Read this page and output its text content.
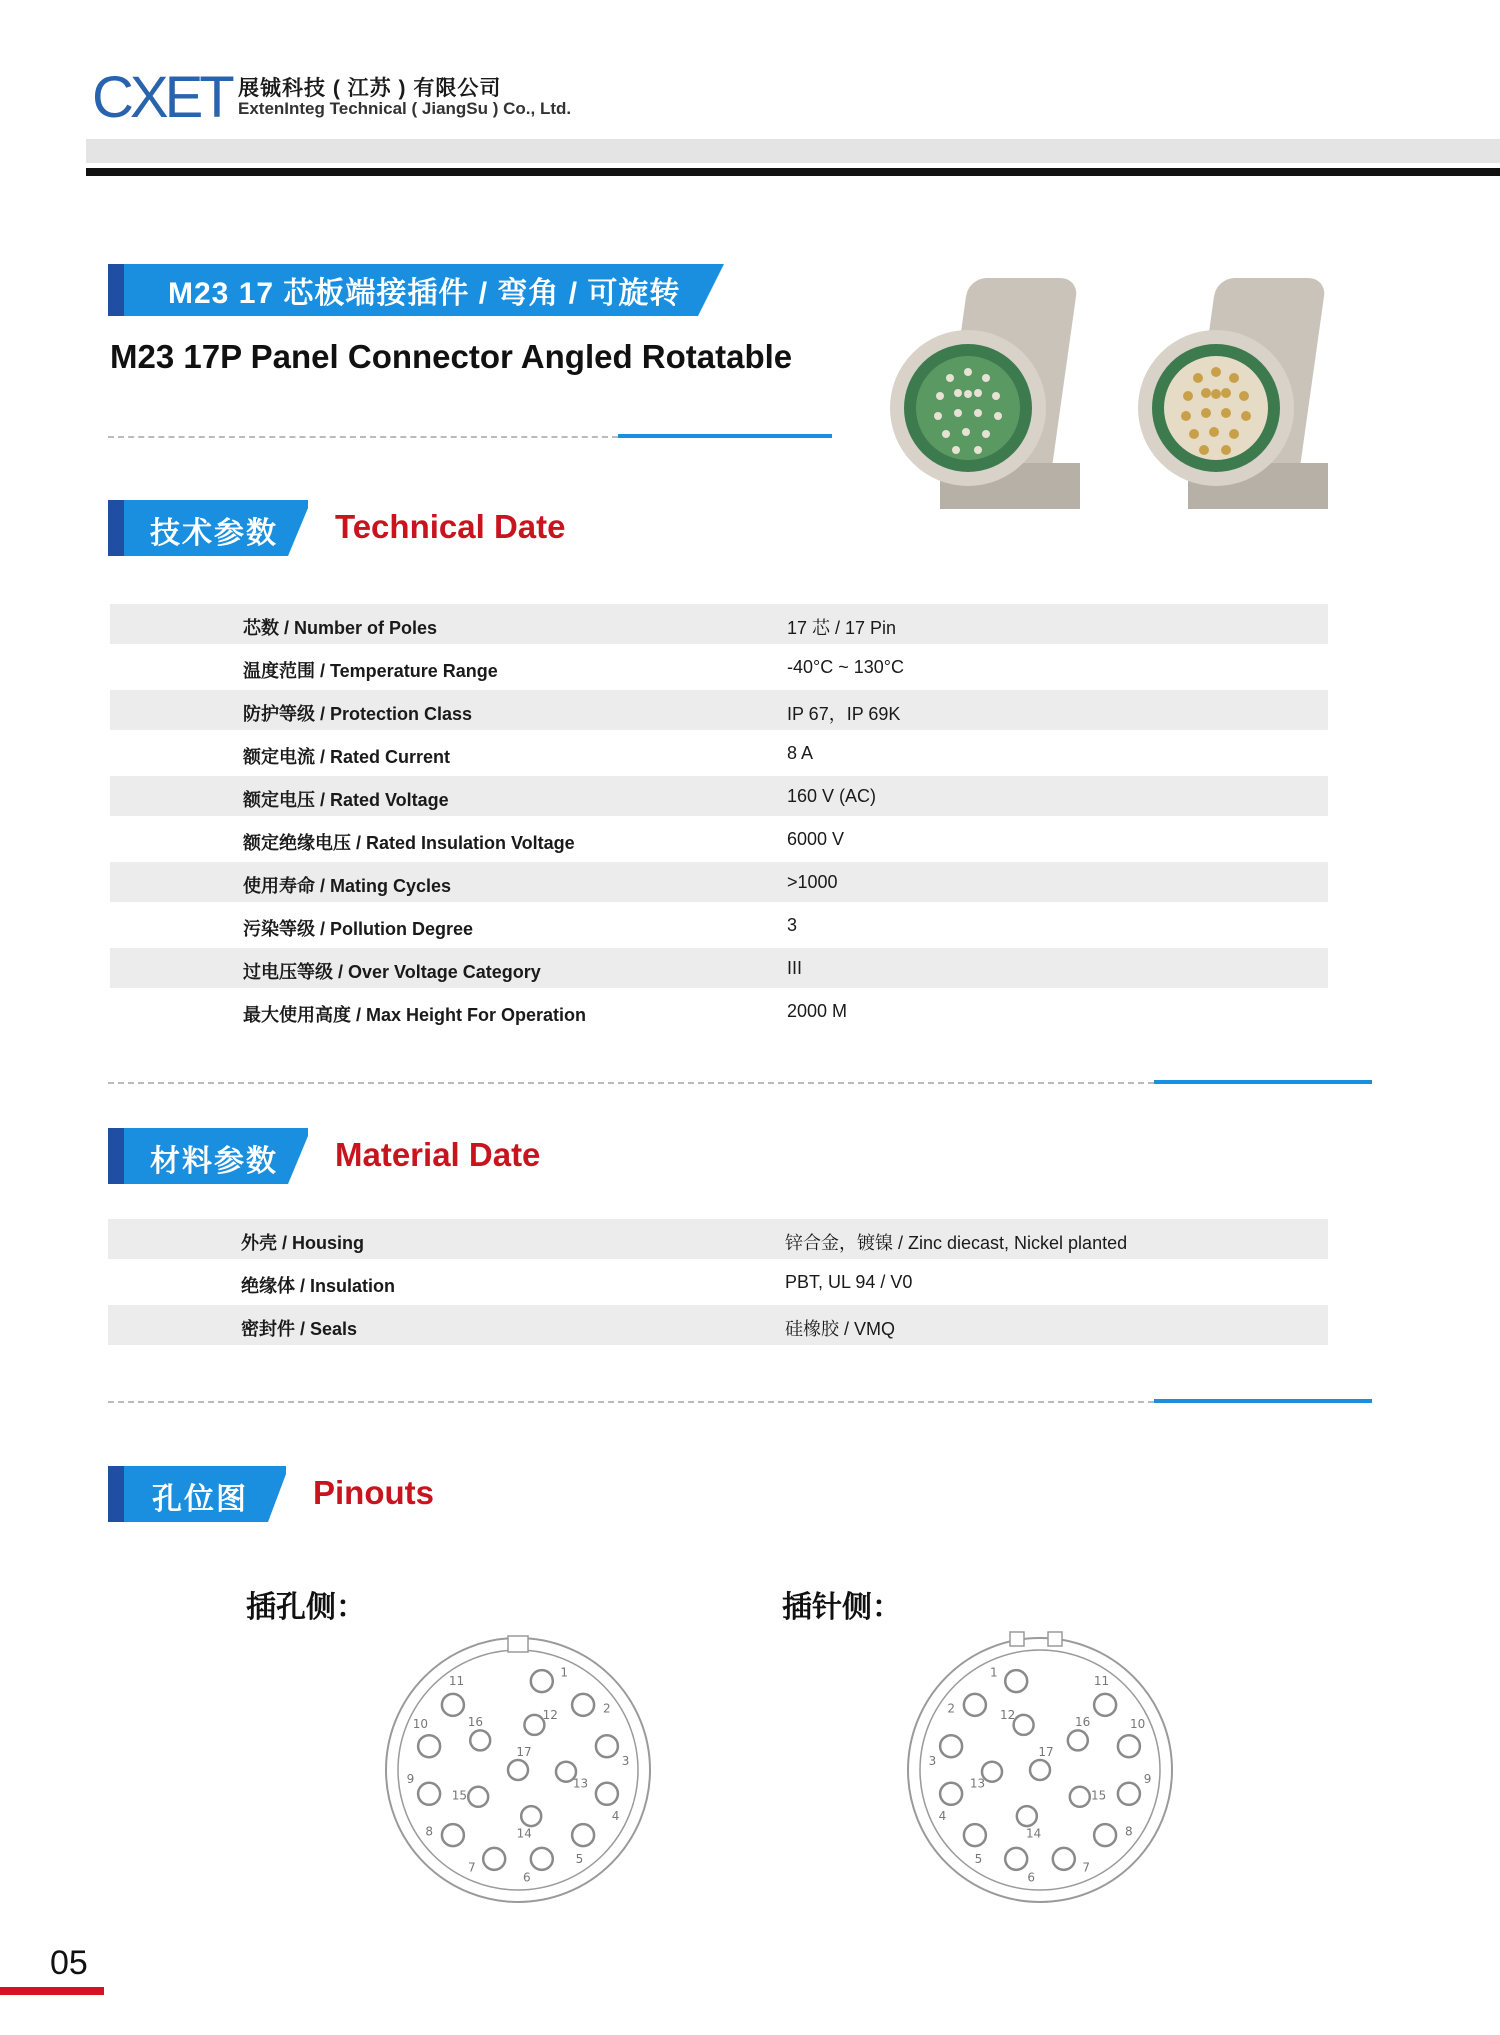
CXET 展铖科技 ( 江苏 ) 有限公司
ExtenInteg Technical ( JiangSu ) Co., Ltd.
M23 17 芯板端接插件 / 弯角 / 可旋转
M23 17P Panel Connector Angled Rotatable
技术参数 Technical Date
芯数 / Number of Poles	17 芯 / 17 Pin
温度范围 / Temperature Range	-40°C ~ 130°C
防护等级 / Protection Class	IP 67，IP 69K
额定电流 / Rated Current	8 A
额定电压 / Rated Voltage	160 V (AC)
额定绝缘电压 / Rated Insulation Voltage	6000 V
使用寿命 / Mating Cycles	>1000
污染等级 / Pollution Degree	3
过电压等级 / Over Voltage Category	III
最大使用高度 / Max Height For Operation	2000 M
材料参数 Material Date
外壳 / Housing	锌合金，镀镍 / Zinc diecast, Nickel planted
绝缘体 / Insulation	PBT, UL 94 / V0
密封件 / Seals	硅橡胶 / VMQ
孔位图 Pinouts
插孔侧：	插针侧：
1
2
3
4
5
6
7
8
9
10
11
12
13
14
15
16
17
1
2
3
4
5
6
7
8
9
10
11
12
13
14
15
16
17
05
